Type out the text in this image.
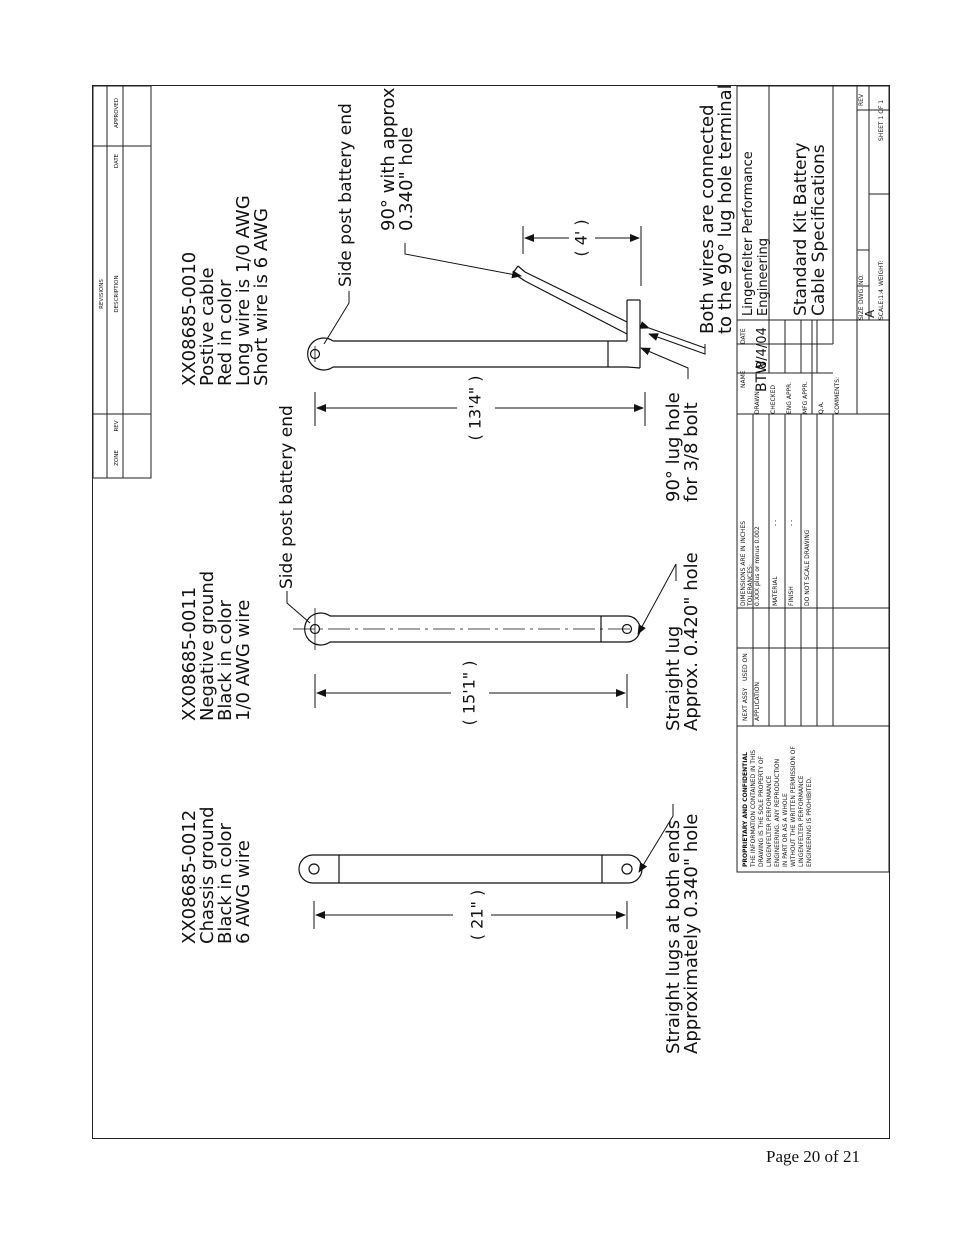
REVISIONS
ZONE
REV
DESCRIPTION
DATE
APPROVED
( 21" )
XX08685-0012
Chassis ground
Black in color
6 AWG wire	Straight lugs at both ends
Approximately 0.340" hole
( 15'1" )
XX08685-0011
Negative ground
Black in color
1/0 AWG wire
Side post battery end
Straight lug
Approx. 0.420" hole
( 13'4" )
( 4' )
XX08685-0010
Postive cable
Red in color
Long wire is 1/0 AWG
Short wire is 6 AWG
Side post battery end 90° with approx.
0.340" hole
90° lug hole
for 3/8 bolt
Both wires are connected
to the 90° lug hole terminal
PROPRIETARY AND CONFIDENTIAL THE INFORMATION CONTAINED IN THIS DRAWING IS THE SOLE PROPERTY OF LINGENFELTER PERFORMANCE ENGINEERING. ANY REPRODUCTION IN PART OR AS A WHOLE WITHOUT THE WRITTEN PERMISSION OF LINGENFELTER PERFORMANCE ENGINEERING IS PROHIBITED.
NEXT ASSY
USED ON
APPLICATION
DIMENSIONS ARE IN INCHES TOLERANCES: 0.XXX plus or minus 0.002 MATERIAL
- -
FINISH
- -
DO NOT SCALE DRAWING
NAME
DATE
DRAWN CHECKED ENG APPR. MFG APPR. Q.A. COMMENTS:
SIZE
DWG. NO.
REV
SCALE:1:4
WEIGHT:
SHEET 1 OF 1
BTW
8/4/04
Lingenfelter Performance Engineering Standard Kit Battery
Cable Specifications	A
Page 20 of 21
